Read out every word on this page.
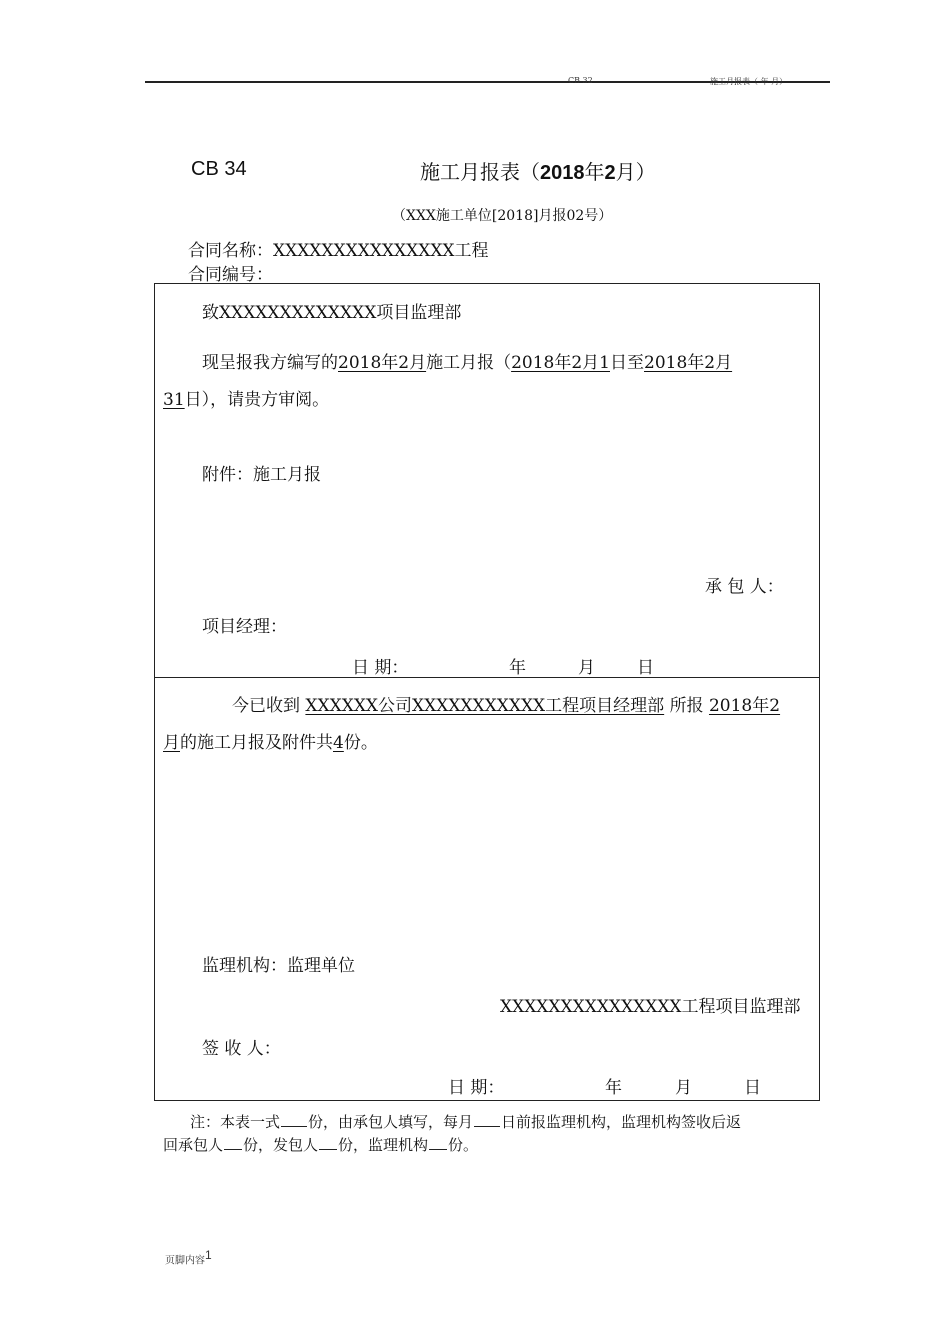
CB 32	施工月报表（ 年 月）
CB 34	施工月报表（2018年2月）
（XXX施工单位[2018]月报02号）
合同名称：XXXXXXXXXXXXXXX工程
合同编号：
致XXXXXXXXXXXXX项目监理部
现呈报我方编写的2018年2月施工月报（2018年2月1日至2018年2月
31日），请贵方审阅。
附件：施工月报
承 包 人：
项目经理：
日 期：	年	月 日
今已收到 XXXXXX公司XXXXXXXXXXX工程项目经理部 所报 2018年2
月的施工月报及附件共4份。
监理机构：监理单位
XXXXXXXXXXXXXXX工程项目监理部
签 收 人：
日 期：	年	月	日
注：本表一式 份，由承包人填写，每月 日前报监理机构，监理机构签收后返
回承包人 份，发包人 份，监理机构 份。
页脚内容$^1$
